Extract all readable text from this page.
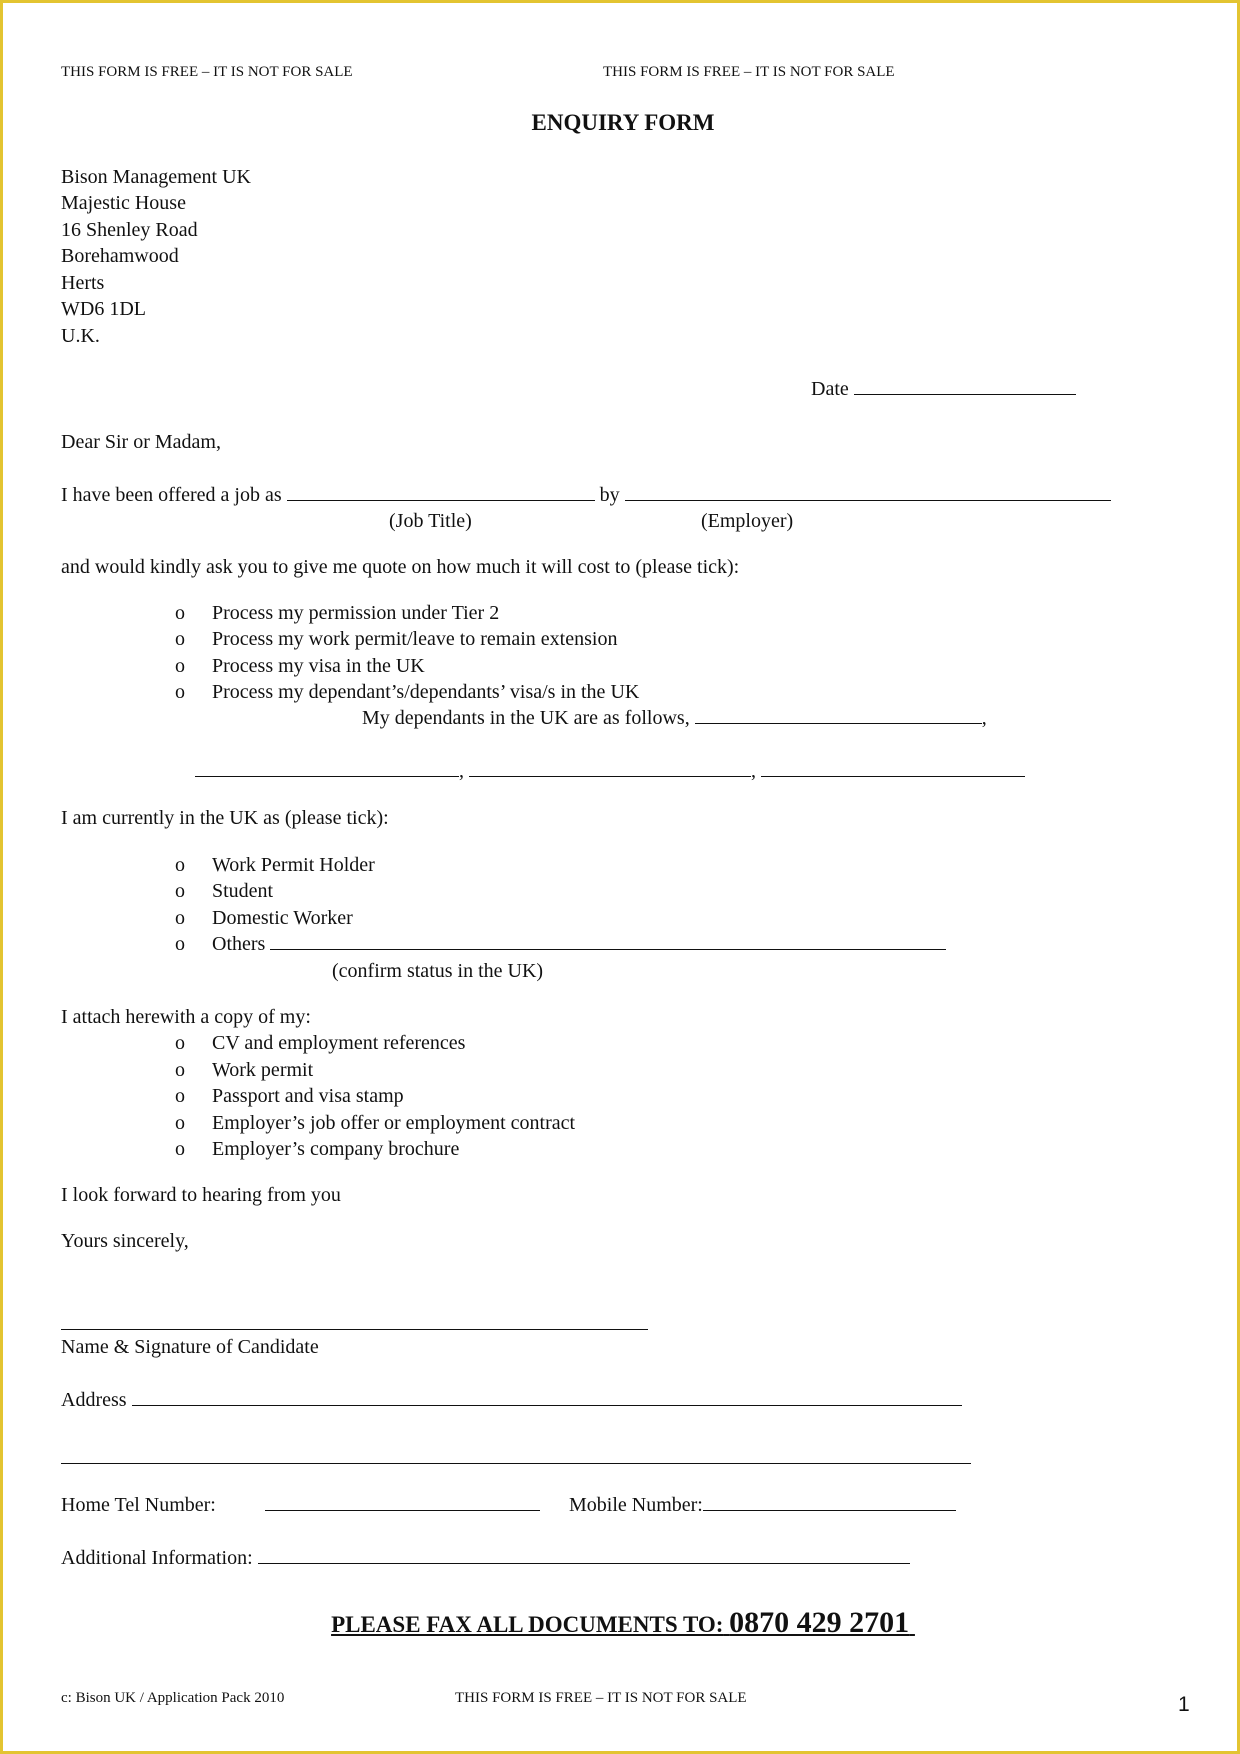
THIS FORM IS FREE – IT IS NOT FOR SALE	THIS FORM IS FREE – IT IS NOT FOR SALE
ENQUIRY FORM
Bison Management UK
Majestic House
16 Shenley Road
Borehamwood
Herts
WD6 1DL
U.K.
Date
Dear Sir or Madam,
I have been offered a job as	by
(Job Title)	(Employer)
and would kindly ask you to give me quote on how much it will cost to (please tick):
o Process my permission under Tier 2
o Process my work permit/leave to remain extension
o Process my visa in the UK
o Process my dependant’s/dependants’ visa/s in the UK
My dependants in the UK are as follows,	,
,	,
I am currently in the UK as (please tick):
o Work Permit Holder
o Student
o Domestic Worker
o Others
(confirm status in the UK)
I attach herewith a copy of my:
o CV and employment references
o Work permit
o Passport and visa stamp
o Employer’s job offer or employment contract
o Employer’s company brochure
I look forward to hearing from you
Yours sincerely,
Name & Signature of Candidate
Address
Home Tel Number:	Mobile Number:
Additional Information:
PLEASE FAX ALL DOCUMENTS TO: 0870 429 2701
c: Bison UK / Application Pack 2010	THIS FORM IS FREE – IT IS NOT FOR SALE	1
